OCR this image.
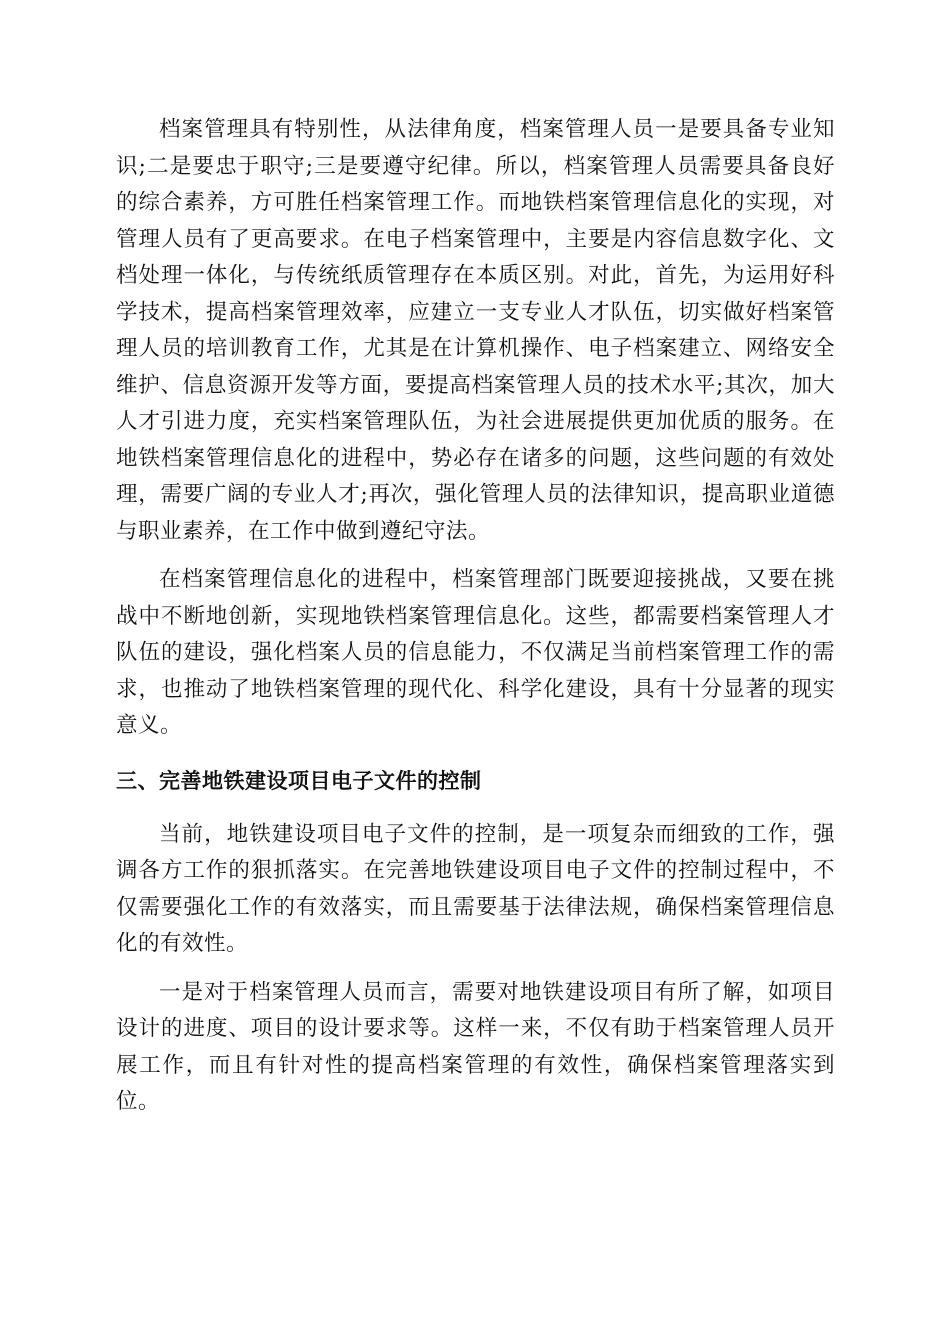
档案管理具有特别性，从法律角度，档案管理人员一是要具备专业知识;二是要忠于职守;三是要遵守纪律。所以，档案管理人员需要具备良好的综合素养，方可胜任档案管理工作。而地铁档案管理信息化的实现，对管理人员有了更高要求。在电子档案管理中，主要是内容信息数字化、文档处理一体化，与传统纸质管理存在本质区别。对此，首先，为运用好科学技术，提高档案管理效率，应建立一支专业人才队伍，切实做好档案管理人员的培训教育工作，尤其是在计算机操作、电子档案建立、网络安全维护、信息资源开发等方面，要提高档案管理人员的技术水平;其次，加大人才引进力度，充实档案管理队伍，为社会进展提供更加优质的服务。在地铁档案管理信息化的进程中，势必存在诸多的问题，这些问题的有效处理，需要广阔的专业人才;再次，强化管理人员的法律知识，提高职业道德与职业素养，在工作中做到遵纪守法。

在档案管理信息化的进程中，档案管理部门既要迎接挑战，又要在挑战中不断地创新，实现地铁档案管理信息化。这些，都需要档案管理人才队伍的建设，强化档案人员的信息能力，不仅满足当前档案管理工作的需求，也推动了地铁档案管理的现代化、科学化建设，具有十分显著的现实意义。

三、完善地铁建设项目电子文件的控制

当前，地铁建设项目电子文件的控制，是一项复杂而细致的工作，强调各方工作的狠抓落实。在完善地铁建设项目电子文件的控制过程中，不仅需要强化工作的有效落实，而且需要基于法律法规，确保档案管理信息化的有效性。

一是对于档案管理人员而言，需要对地铁建设项目有所了解，如项目设计的进度、项目的设计要求等。这样一来，不仅有助于档案管理人员开展工作，而且有针对性的提高档案管理的有效性，确保档案管理落实到位。
